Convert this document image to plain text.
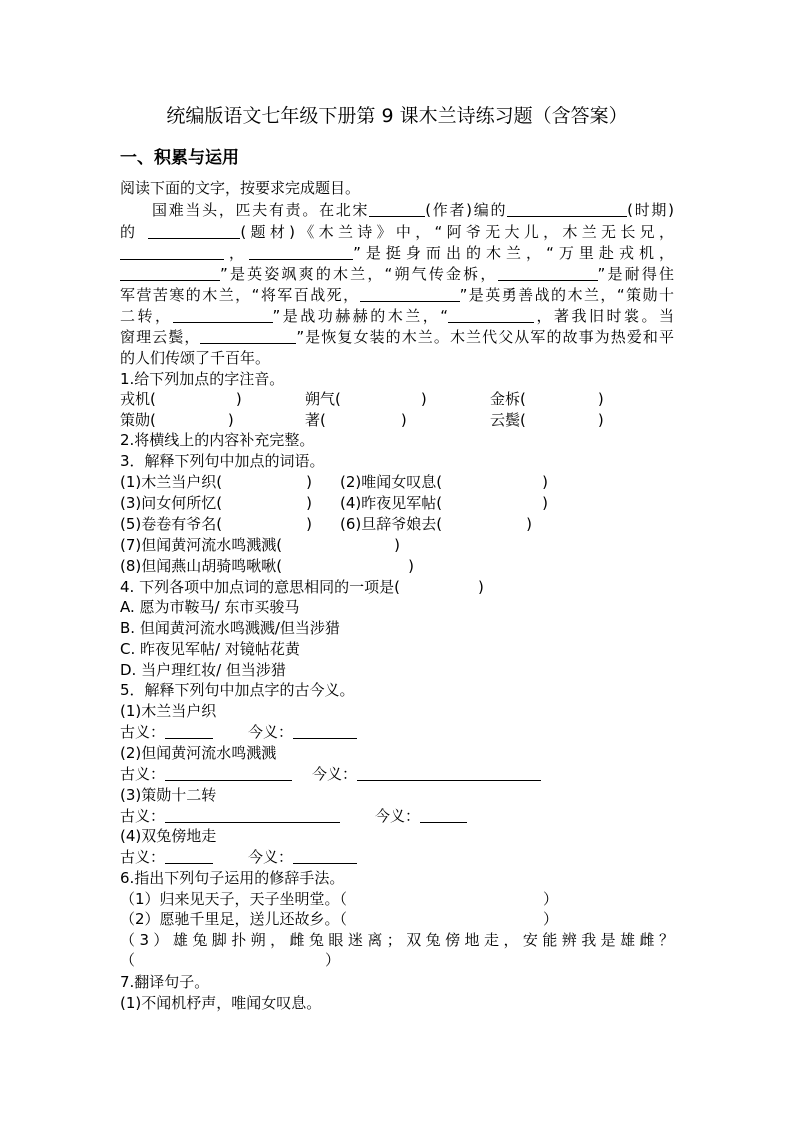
统编版语文七年级下册第 9 课木兰诗练习题（含答案）
一、积累与运用
阅读下面的文字，按要求完成题目。
国难当头，匹夫有责。在北宋	(作者)编的	(时期)
的	(题材)《木兰诗》中，“阿爷无大儿，木兰无长兄，
，	”是挺身而出的木兰，“万里赴戎机，
”是英姿飒爽的木兰，“朔气传金柝，	”是耐得住
军营苦寒的木兰，“将军百战死，	”是英勇善战的木兰，“策勋十
二转，	”是战功赫赫的木兰，“	，著我旧时裳。当
窗理云鬓，	”是恢复女装的木兰。木兰代父从军的故事为热爱和平
的人们传颂了千百年。
1.给下列加点的字注音。
戎机(	)	朔气(	)	金柝(	)
策勋(	)	著(	)	云鬓(	)
2.将横线上的内容补充完整。
3．解释下列句中加点的词语。
(1)木兰当户织(	) (2)唯闻女叹息(	)
(3)问女何所忆(	) (4)昨夜见军帖(	)
(5)卷卷有爷名(	) (6)旦辞爷娘去(	)
(7)但闻黄河流水鸣溅溅(	)
(8)但闻燕山胡骑鸣啾啾(	)
4. 下列各项中加点词的意思相同的一项是(	)
A. 愿为市鞍马/ 东市买骏马
B. 但闻黄河流水鸣溅溅/但当涉猎
C. 昨夜见军帖/ 对镜帖花黄
D. 当户理红妆/ 但当涉猎
5．解释下列句中加点字的古今义。
(1)木兰当户织
古义：	今义：
(2)但闻黄河流水鸣溅溅
古义：	今义：
(3)策勋十二转
古义：	今义：
(4)双兔傍地走
古义：	今义：
6.指出下列句子运用的修辞手法。
（1）归来见天子，天子坐明堂。（	）
（2）愿驰千里足，送儿还故乡。（	）
（3）雄兔脚扑朔，雌兔眼迷离；双兔傍地走，安能辨我是雄雌？
（	）
7.翻译句子。
(1)不闻机杼声，唯闻女叹息。
